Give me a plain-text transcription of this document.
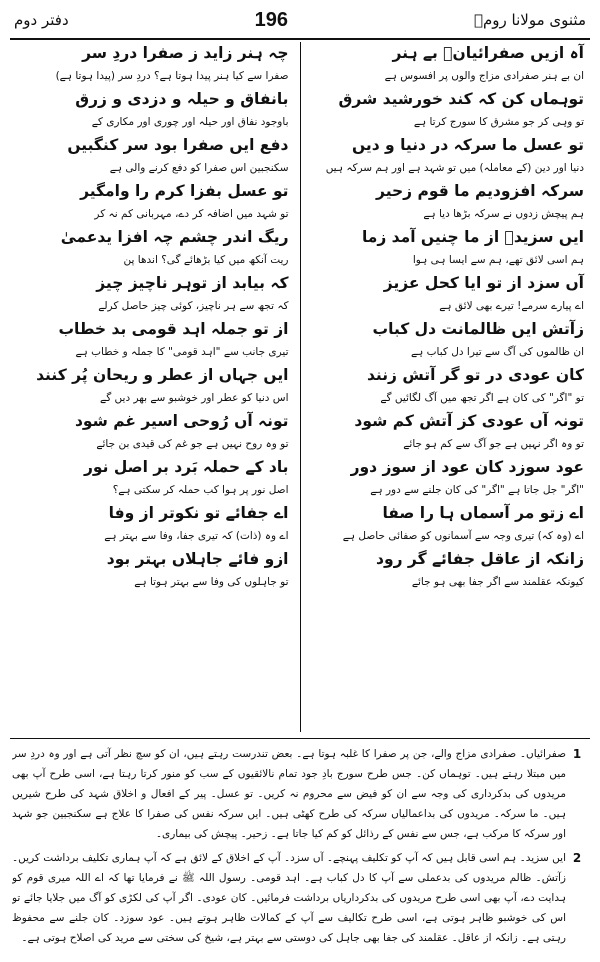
دفتر دوم	196	مثنوی مولانا رومؒ
آہ ازیں صفرائیانؔ بے ہنر
ان بے ہنر صفرادی مزاج والوں پر افسوس ہے
توہماں کن کہ کند خورشید شرق
تو وہی کر جو مشرق کا سورج کرتا ہے
تو عسل ما سرکہ در دنیا و دیں
دنیا اور دین (کے معاملہ) میں تو شہد ہے اور ہم سرکہ ہیں
سرکہ افزودیم ما قوم زحیر
ہم پیچش زدوں نے سرکہ بڑھا دیا ہے
ایں سزیدؔ از ما چنیں آمد زما
ہم اسی لائق تھے، ہم سے ایسا ہی ہوا
آں سزد از تو ایا کحل عزیز
اے پیارے سرمے! تیرے بھی لائق ہے
زآتش ایں ظالمانت دل کباب
ان ظالموں کی آگ سے تیرا دل کباب ہے
کان عودی در تو گر آتش زنند
تو "اگر" کی کان ہے اگر تجھ میں آگ لگائیں گے
تونہ آں عودی کز آتش کم شود
تو وہ اگر نہیں ہے جو آگ سے کم ہو جائے
عود سوزد کان عود از سوز دور
"اگر" جل جاتا ہے "اگر" کی کان جلنے سے دور ہے
اے زتو مر آسماں ہا را صفا
اے (وہ کہ) تیری وجہ سے آسمانوں کو صفائی حاصل ہے
زانکہ از عاقل جفائے گر رود
کیونکہ عقلمند سے اگر جفا بھی ہو جائے
چہ ہنر زاید ز صفرا دردِ سر
صفرا سے کیا ہنر پیدا ہوتا ہے؟ دردِ سر (پیدا ہوتا ہے)
بانفاق و حیلہ و دزدی و زرق
باوجود نفاق اور حیلہ اور چوری اور مکاری کے
دفع ایں صفرا بود سر کنگبیں
سکنجبین اس صفرا کو دفع کرنے والی ہے
تو عسل بفزا کرم را وامگیر
تو شہد میں اضافہ کر دے، مہربانی کم نہ کر
ریگ اندر چشم چہ افزا یدعمیٰ
ریت آنکھ میں کیا بڑھائے گی؟ اندھا پن
کہ بیابد از توہر ناچیز چیز
کہ تجھ سے ہر ناچیز، کوئی چیز حاصل کرلے
از تو جملہ اہد قومی بد خطاب
تیری جانب سے "اہد قومی" کا جملہ و خطاب ہے
ایں جہاں از عطر و ریحان پُر کنند
اس دنیا کو عطر اور خوشبو سے بھر دیں گے
تونہ آں رُوحی اسیر غم شود
تو وہ روح نہیں ہے جو غم کی قیدی بن جائے
باد کے حملہ بَرد بر اصل نور
اصل نور پر ہوا کب حملہ کر سکتی ہے؟
اے جفائے تو نکوتر از وفا
اے وہ (ذات) کہ تیری جفا، وفا سے بہتر ہے
ازو فائے جاہلاں بہتر بود
تو جاہلوں کی وفا سے بہتر ہوتا ہے
1
صفرائیاں۔ صفرادی مزاج والے، جن پر صفرا کا غلبہ ہوتا ہے۔ بعض تندرست رہتے ہیں، ان کو سچ نظر آتی ہے اور وہ دردِ سر میں مبتلا رہتے ہیں۔ توہماں کن۔ جس طرح سورج بادِ جود تمام نالائقیوں کے سب کو منور کرتا رہتا ہے، اسی طرح آپ بھی مریدوں کی بدکرداری کی وجہ سے ان کو فیض سے محروم نہ کریں۔ تو عسل۔ پیر کے افعال و اخلاق شہد کی طرح شیریں ہیں۔ ما سرکہ۔ مریدوں کی بداعمالیاں سرکہ کی طرح کھٹی ہیں۔ ایں سرکہ نفس کی صفرا کا علاج ہے سکنجبین جو شہد اور سرکہ کا مرکب ہے، جس سے نفس کے رذائل کو کم کیا جاتا ہے۔ زحیر۔ پیچش کی بیماری۔
2
ایں سزید۔ ہم اسی قابل ہیں کہ آپ کو تکلیف پہنچے۔ آں سزد۔ آپ کے اخلاق کے لائق ہے کہ آپ ہماری تکلیف برداشت کریں۔ زآتش۔ ظالم مریدوں کی بدعملی سے آپ کا دل کباب ہے۔ اہد قومی۔ رسول اللہ ﷺ نے فرمایا تھا کہ اے اللہ میری قوم کو ہدایت دے، آپ بھی اسی طرح مریدوں کی بدکرداریاں برداشت فرمائیں۔ کان عودی۔ اگر آپ کی لکڑی کو آگ میں جلایا جائے تو اس کی خوشبو ظاہر ہوتی ہے، اسی طرح تکالیف سے آپ کے کمالات ظاہر ہوتے ہیں۔ عود سوزد۔ کان جلنے سے محفوظ رہتی ہے۔ زانکہ از عاقل۔ عقلمند کی جفا بھی جاہل کی دوستی سے بہتر ہے، شیخ کی سختی سے مرید کی اصلاح ہوتی ہے۔
